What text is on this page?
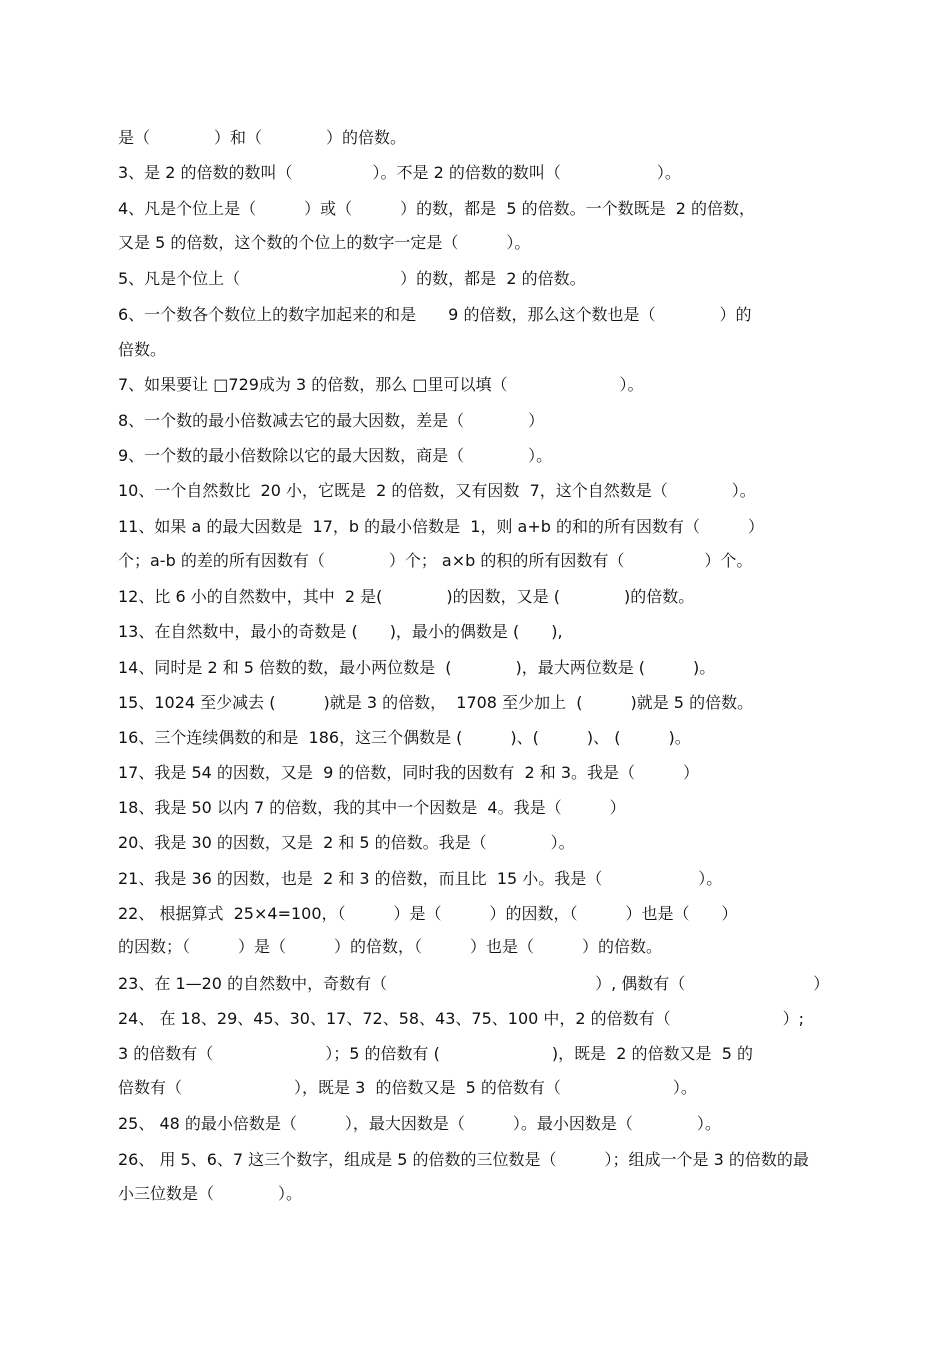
是（　　　　）和（　　　　）的倍数。
3、是 2 的倍数的数叫（　　　　　）。不是 2 的倍数的数叫（　　　　　　）。
4、凡是个位上是（　　　）或（　　　）的数，都是  5 的倍数。一个数既是  2 的倍数，
又是 5 的倍数，这个数的个位上的数字一定是（　　　）。
5、凡是个位上（　　　　　　　　　　）的数，都是  2 的倍数。
6、一个数各个数位上的数字加起来的和是　　9 的倍数，那么这个数也是（　　　　）的
倍数。
7、如果要让 □729成为 3 的倍数，那么 □里可以填（　　　　　　　）。
8、一个数的最小倍数减去它的最大因数，差是（　　　　）
9、一个数的最小倍数除以它的最大因数，商是（　　　　）。
10、一个自然数比  20 小，它既是  2 的倍数，又有因数  7，这个自然数是（　　　　）。
11、如果 a 的最大因数是  17，b 的最小倍数是  1，则 a+b 的和的所有因数有（　　　）
个；a-b 的差的所有因数有（　　　　）个； a×b 的积的所有因数有（　　　　　）个。
12、比 6 小的自然数中，其中  2 是(　　　　)的因数，又是 (　　　　)的倍数。
13、在自然数中，最小的奇数是 (　　)，最小的偶数是 (　　),
14、同时是 2 和 5 倍数的数，最小两位数是  (　　　　)，最大两位数是 (　　　)。
15、1024 至少减去 (　　　)就是 3 的倍数，  1708 至少加上  (　　　)就是 5 的倍数。
16、三个连续偶数的和是  186，这三个偶数是 (　　　)、(　　　)、 (　　　)。
17、我是 54 的因数，又是  9 的倍数，同时我的因数有  2 和 3。我是（　　　）
18、我是 50 以内 7 的倍数，我的其中一个因数是  4。我是（　　　）
20、我是 30 的因数，又是  2 和 5 的倍数。我是（　　　　）。
21、我是 36 的因数，也是  2 和 3 的倍数，而且比  15 小。我是（　　　　　　）。
22、 根据算式  25×4=100，（　　　）是（　　　）的因数，（　　　）也是（　　）
的因数；（　　　）是（　　　）的倍数，（　　　）也是（　　　）的倍数。
23、在 1—20 的自然数中，奇数有（　　　　　　　　　　　　　）, 偶数有（　　　　　　　　）
24、 在 18、29、45、30、17、72、58、43、75、100 中，2 的倍数有（　　　　　　　）;
3 的倍数有（　　　　　　　）；5 的倍数有 (　　　　　　　)，既是  2 的倍数又是  5 的
倍数有（　　　　　　　），既是 3  的倍数又是  5 的倍数有（　　　　　　　）。
25、 48 的最小倍数是（　　　），最大因数是（　　　）。最小因数是（　　　　）。
26、 用 5、6、7 这三个数字，组成是 5 的倍数的三位数是（　　　）；组成一个是 3 的倍数的最
小三位数是（　　　　）。
